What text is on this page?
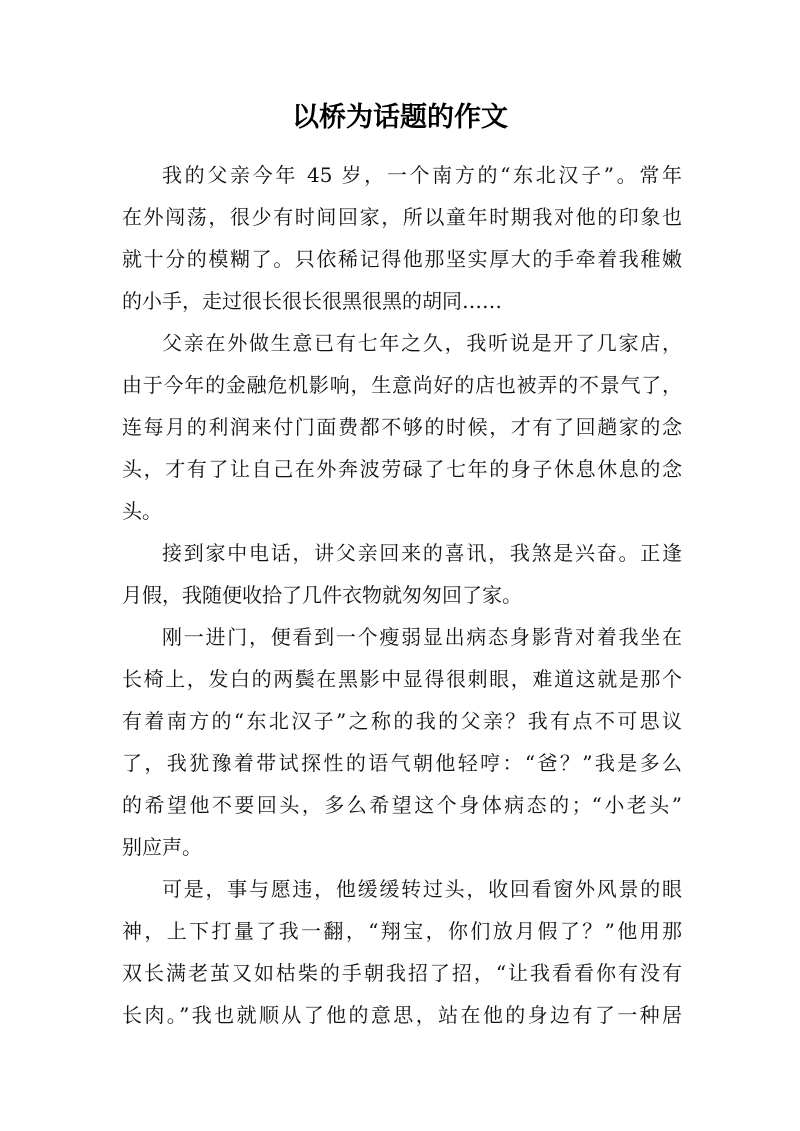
以桥为话题的作文
我的父亲今年 45 岁，一个南方的“东北汉子”。常年
在外闯荡，很少有时间回家，所以童年时期我对他的印象也
就十分的模糊了。只依稀记得他那坚实厚大的手牵着我稚嫩
的小手，走过很长很长很黑很黑的胡同……
父亲在外做生意已有七年之久，我听说是开了几家店，
由于今年的金融危机影响，生意尚好的店也被弄的不景气了，
连每月的利润来付门面费都不够的时候，才有了回趟家的念
头，才有了让自己在外奔波劳碌了七年的身子休息休息的念
头。
接到家中电话，讲父亲回来的喜讯，我煞是兴奋。正逢
月假，我随便收拾了几件衣物就匆匆回了家。
刚一进门，便看到一个瘦弱显出病态身影背对着我坐在
长椅上，发白的两鬓在黑影中显得很刺眼，难道这就是那个
有着南方的“东北汉子”之称的我的父亲？我有点不可思议
了，我犹豫着带试探性的语气朝他轻哼：“爸？”我是多么
的希望他不要回头，多么希望这个身体病态的；“小老头”
别应声。
可是，事与愿违，他缓缓转过头，收回看窗外风景的眼
神，上下打量了我一翻，“翔宝，你们放月假了？”他用那
双长满老茧又如枯柴的手朝我招了招，“让我看看你有没有
长肉。”我也就顺从了他的意思，站在他的身边有了一种居
